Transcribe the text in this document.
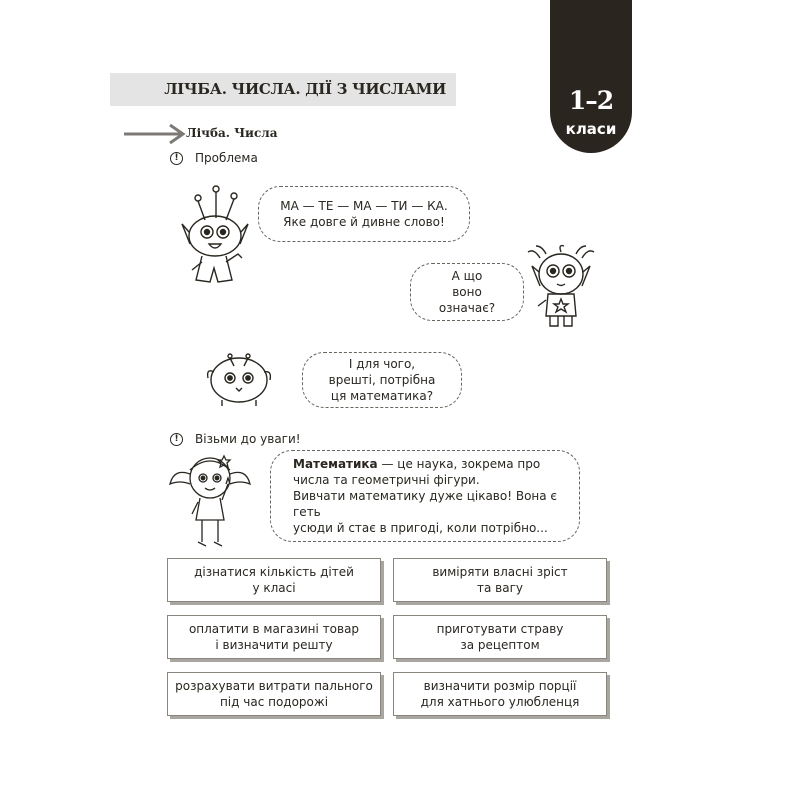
1–2
класи
ЛІЧБА. ЧИСЛА. ДІЇ З ЧИСЛАМИ
Лічба. Числа
!	Проблема
МА — ТЕ — МА — ТИ — КА.
Яке довге й дивне слово!
А що
воно
означає?
І для чого,
врешті, потрібна
ця математика?
!	Візьми до уваги!
Математика — це наука, зокрема про
числа та геометричні фігури.
Вивчати математику дуже цікаво! Вона є геть
усюди й стає в пригоді, коли потрібно...
дізнатися кількість дітей
у класі
виміряти власні зріст
та вагу
оплатити в магазині товар
і визначити решту
приготувати страву
за рецептом
розрахувати витрати пального
під час подорожі
визначити розмір порції
для хатнього улюбленця
